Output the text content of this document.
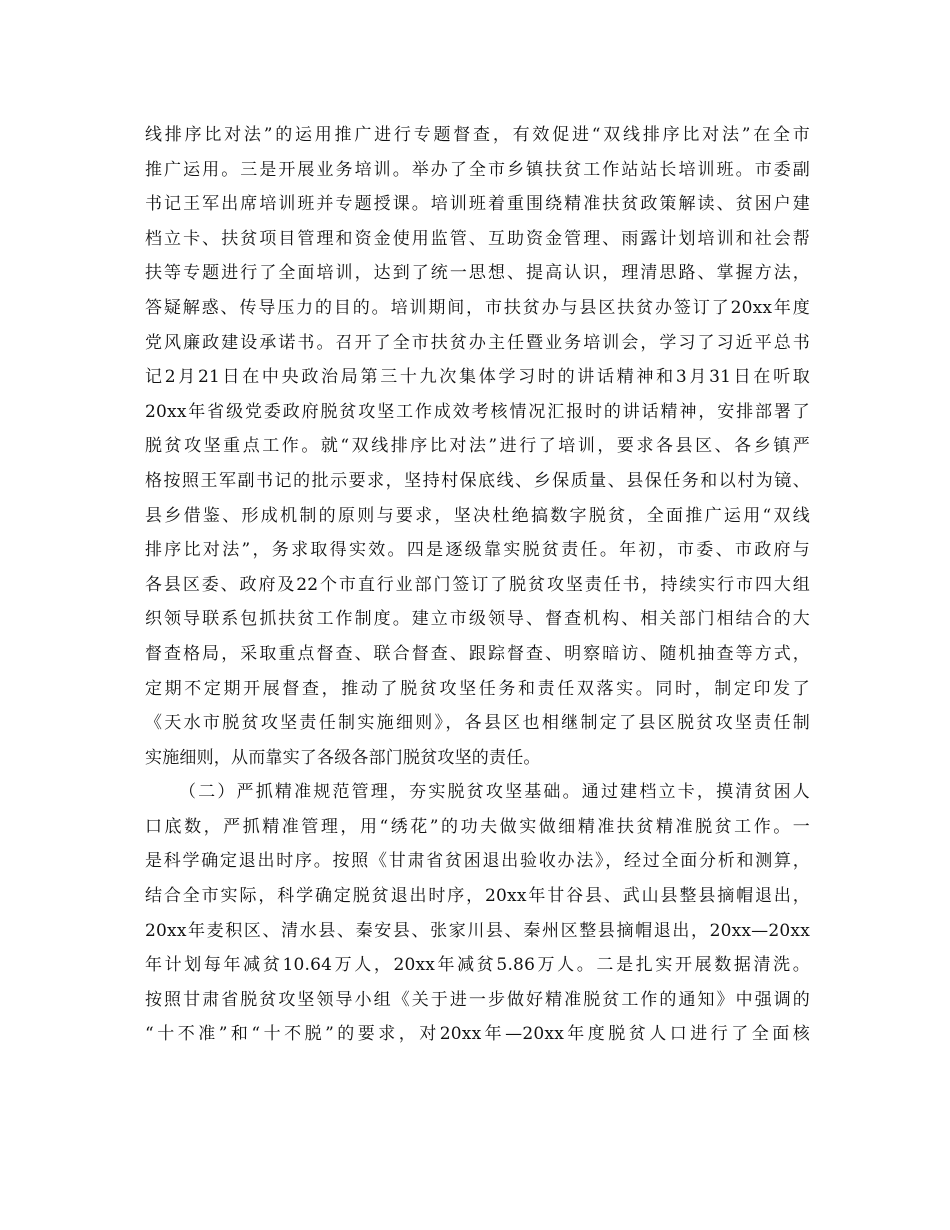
线排序比对法”的运用推广进行专题督查，有效促进“双线排序比对法”在全市
推广运用。三是开展业务培训。举办了全市乡镇扶贫工作站站长培训班。市委副
书记王军出席培训班并专题授课。培训班着重围绕精准扶贫政策解读、贫困户建
档立卡、扶贫项目管理和资金使用监管、互助资金管理、雨露计划培训和社会帮
扶等专题进行了全面培训，达到了统一思想、提高认识，理清思路、掌握方法，
答疑解惑、传导压力的目的。培训期间，市扶贫办与县区扶贫办签订了20xx年度
党风廉政建设承诺书。召开了全市扶贫办主任暨业务培训会，学习了习近平总书
记2月21日在中央政治局第三十九次集体学习时的讲话精神和3月31日在听取
20xx年省级党委政府脱贫攻坚工作成效考核情况汇报时的讲话精神，安排部署了
脱贫攻坚重点工作。就“双线排序比对法”进行了培训，要求各县区、各乡镇严
格按照王军副书记的批示要求，坚持村保底线、乡保质量、县保任务和以村为镜、
县乡借鉴、形成机制的原则与要求，坚决杜绝搞数字脱贫，全面推广运用“双线
排序比对法”，务求取得实效。四是逐级靠实脱贫责任。年初，市委、市政府与
各县区委、政府及22个市直行业部门签订了脱贫攻坚责任书，持续实行市四大组
织领导联系包抓扶贫工作制度。建立市级领导、督查机构、相关部门相结合的大
督查格局，采取重点督查、联合督查、跟踪督查、明察暗访、随机抽查等方式，
定期不定期开展督查，推动了脱贫攻坚任务和责任双落实。同时，制定印发了
《天水市脱贫攻坚责任制实施细则》，各县区也相继制定了县区脱贫攻坚责任制
实施细则，从而靠实了各级各部门脱贫攻坚的责任。
（二）严抓精准规范管理，夯实脱贫攻坚基础。通过建档立卡，摸清贫困人
口底数，严抓精准管理，用“绣花”的功夫做实做细精准扶贫精准脱贫工作。一
是科学确定退出时序。按照《甘肃省贫困退出验收办法》，经过全面分析和测算，
结合全市实际，科学确定脱贫退出时序，20xx年甘谷县、武山县整县摘帽退出，
20xx年麦积区、清水县、秦安县、张家川县、秦州区整县摘帽退出，20xx—20xx
年计划每年减贫10.64万人，20xx年减贫5.86万人。二是扎实开展数据清洗。
按照甘肃省脱贫攻坚领导小组《关于进一步做好精准脱贫工作的通知》中强调的
“十不准”和“十不脱”的要求，对20xx年—20xx年度脱贫人口进行了全面核
